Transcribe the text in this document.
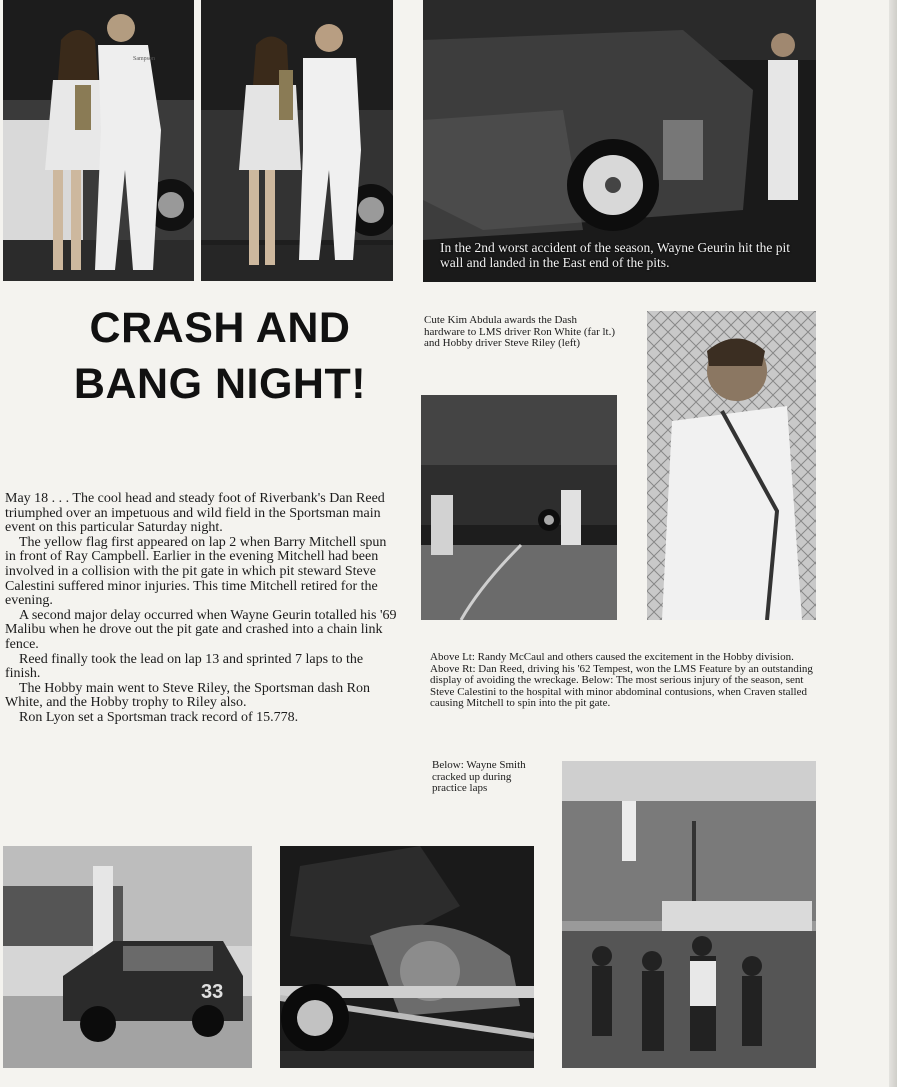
Sampson
In the 2nd worst accident of the season, Wayne Geurin hit the pit wall and landed in the East end of the pits.
CRASH AND
BANG NIGHT!

May 18 . . . The cool head and steady foot of Riverbank's Dan Reed triumphed over an impetuous and wild field in the Sportsman main event on this particular Saturday night.

The yellow flag first appeared on lap 2 when Barry Mitchell spun in front of Ray Campbell. Earlier in the evening Mitchell had been involved in a collision with the pit gate in which pit steward Steve Calestini suffered minor injuries. This time Mitchell retired for the evening.

A second major delay occurred when Wayne Geurin totalled his '69 Malibu when he drove out the pit gate and crashed into a chain link fence.

Reed finally took the lead on lap 13 and sprinted 7 laps to the finish.

The Hobby main went to Steve Riley, the Sportsman dash Ron White, and the Hobby trophy to Riley also.

Ron Lyon set a Sportsman track record of 15.778.

Cute Kim Abdula awards the Dash hardware to LMS driver Ron White (far lt.) and Hobby driver Steve Riley (left)
Above Lt: Randy McCaul and others caused the excitement in the Hobby division. Above Rt: Dan Reed, driving his '62 Tempest, won the LMS Feature by an outstanding display of avoiding the wreckage. Below: The most serious injury of the season, sent Steve Calestini to the hospital with minor abdominal contusions, when Craven stalled causing Mitchell to spin into the pit gate.
Below: Wayne Smith cracked up during practice laps
33
